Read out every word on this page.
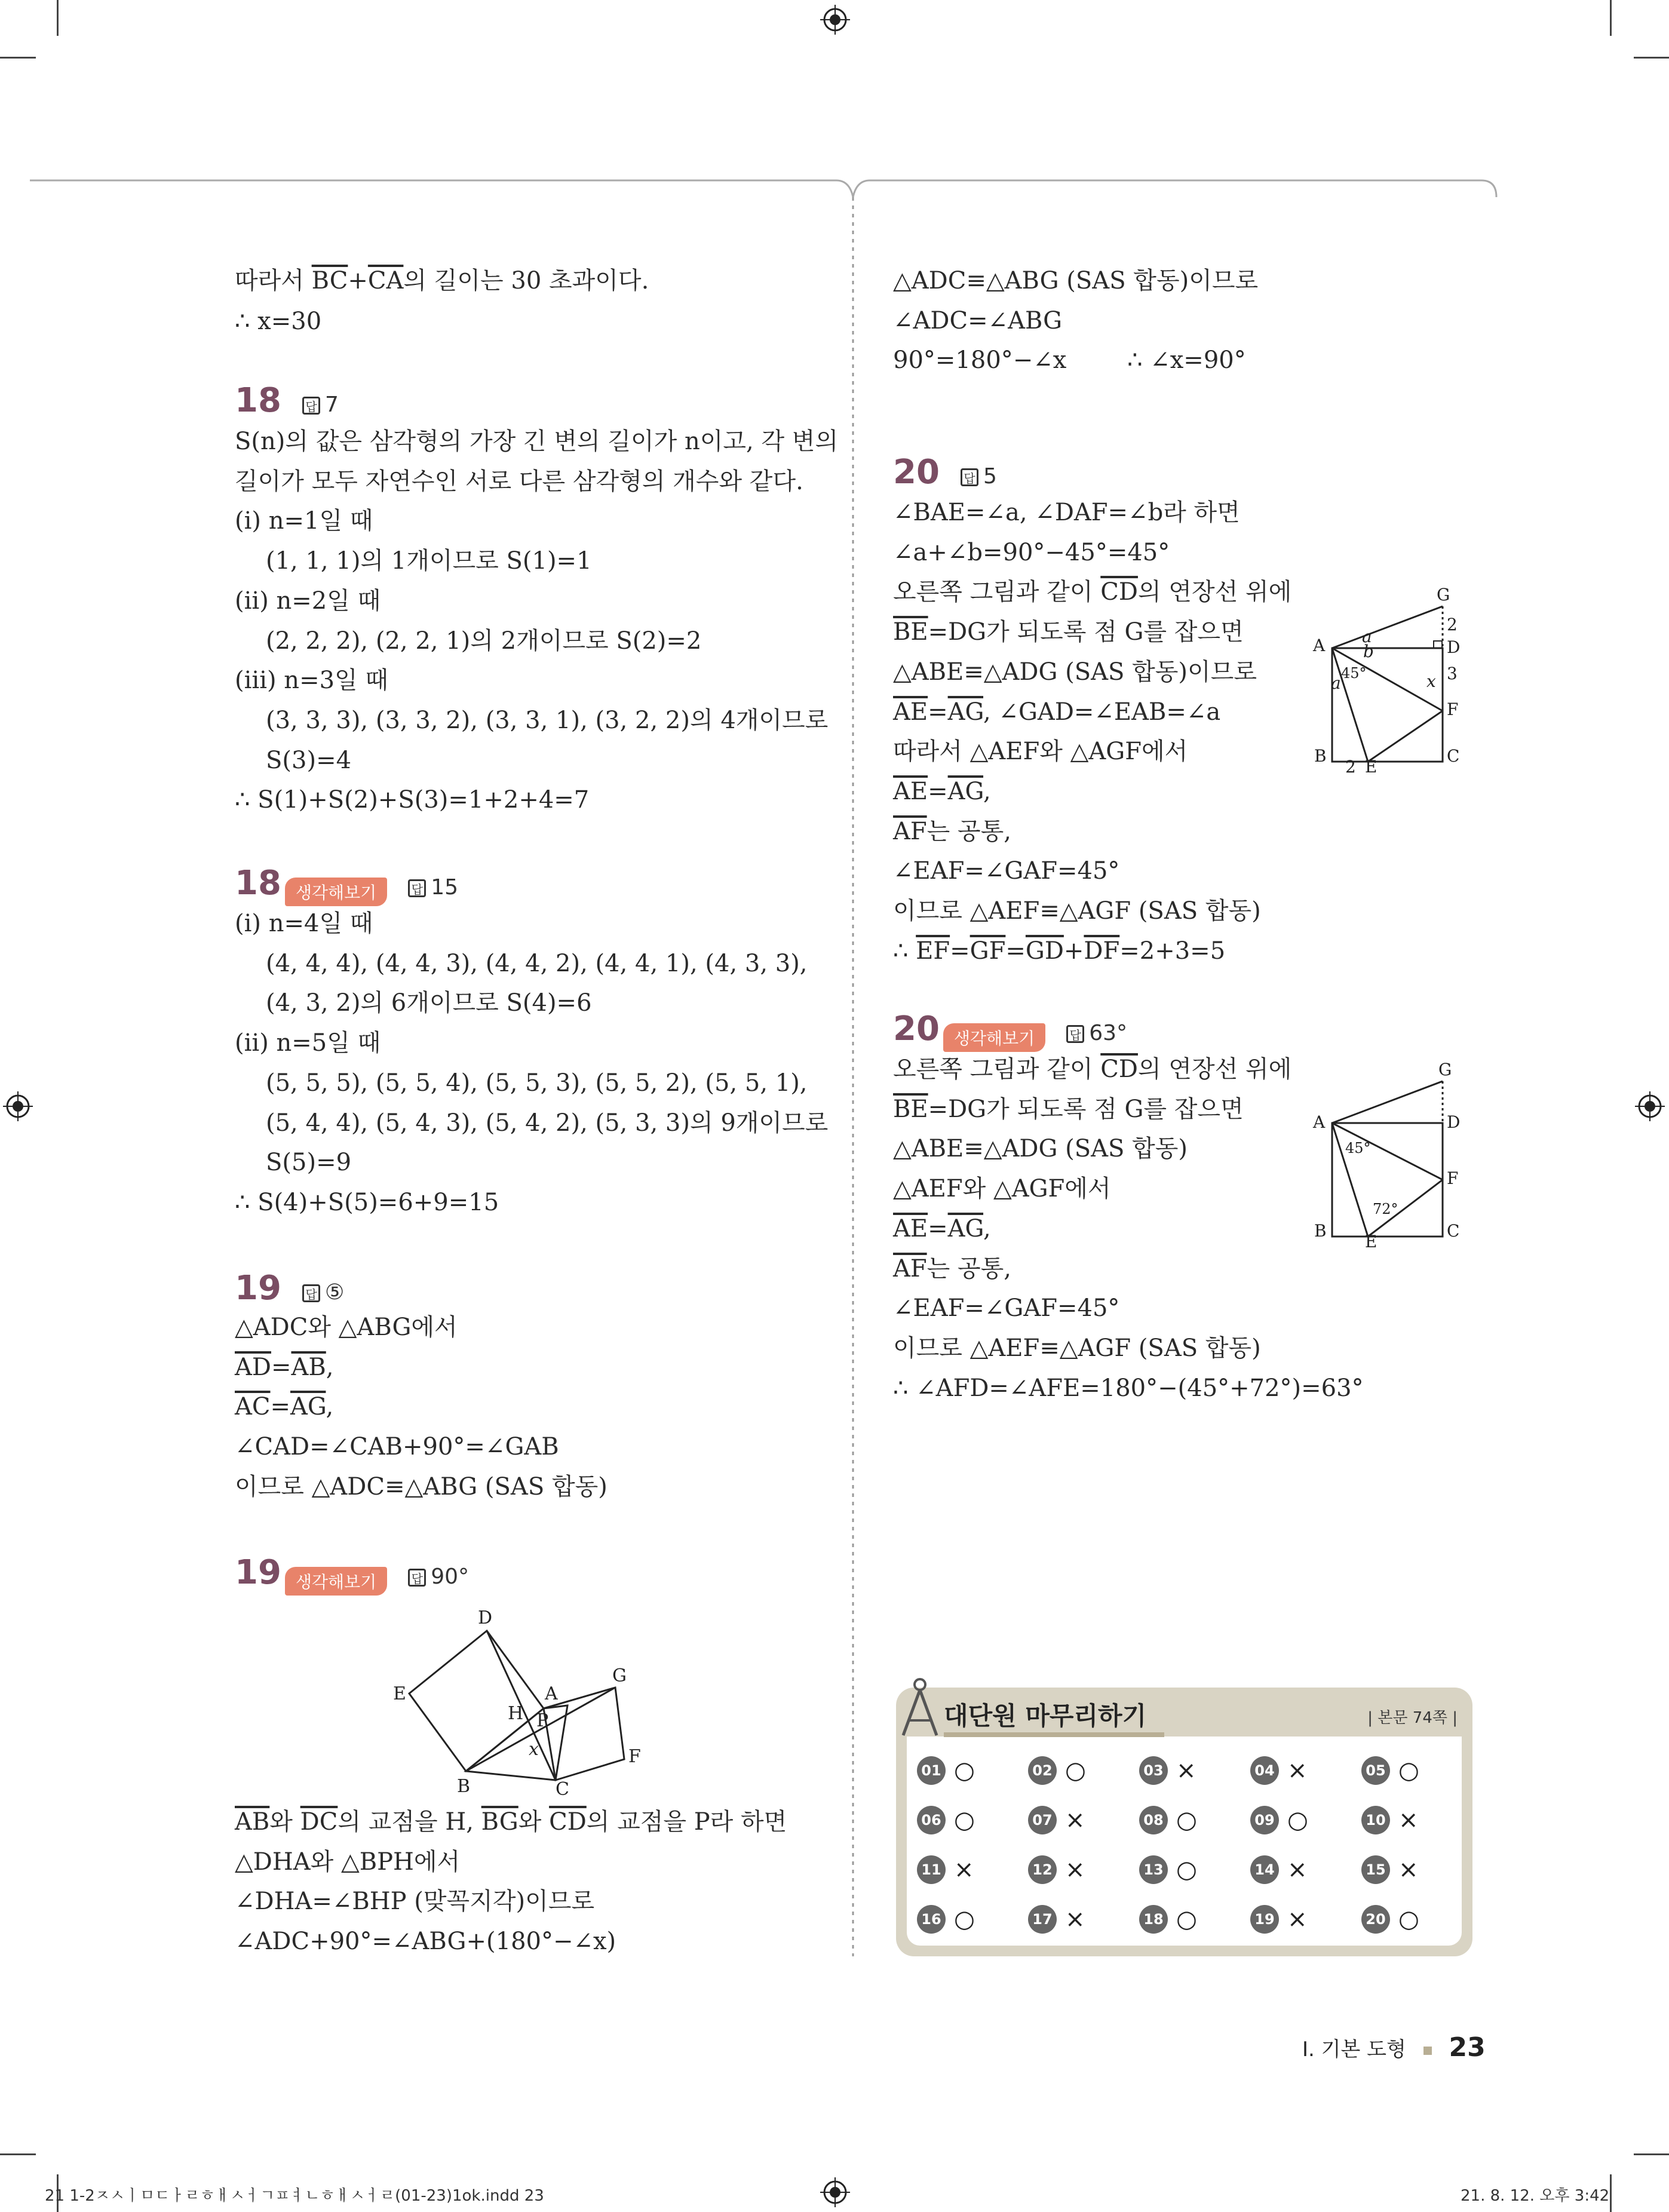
따라서 $\overline{BC}+\overline{CA}$의 길이는 30 초과이다.
∴ x=30
18 답 7
S(n)의 값은 삼각형의 가장 긴 변의 길이가 n이고, 각 변의
길이가 모두 자연수인 서로 다른 삼각형의 개수와 같다.
(ⅰ) n=1일 때
(1, 1, 1)의 1개이므로 S(1)=1
(ⅱ) n=2일 때
(2, 2, 2), (2, 2, 1)의 2개이므로 S(2)=2
(ⅲ) n=3일 때
(3, 3, 3), (3, 3, 2), (3, 3, 1), (3, 2, 2)의 4개이므로
S(3)=4
∴ S(1)+S(2)+S(3)=1+2+4=7
18 생각해보기	답 15
(ⅰ) n=4일 때
(4, 4, 4), (4, 4, 3), (4, 4, 2), (4, 4, 1), (4, 3, 3),
(4, 3, 2)의 6개이므로 S(4)=6
(ⅱ) n=5일 때
(5, 5, 5), (5, 5, 4), (5, 5, 3), (5, 5, 2), (5, 5, 1),
(5, 4, 4), (5, 4, 3), (5, 4, 2), (5, 3, 3)의 9개이므로
S(5)=9
∴ S(4)+S(5)=6+9=15
19 답 ⑤
△ADC와 △ABG에서
$\overline{AD}=\overline{AB}$,
$\overline{AC}=\overline{AG}$,
∠CAD=∠CAB+90°=∠GAB
이므로 △ADC≡△ABG (SAS 합동)
19 생각해보기	답 90°
D
E	A
G
H P
x
B	C
F
$\overline{AB}$와 $\overline{DC}$의 교점을 H, $\overline{BG}$와 $\overline{CD}$의 교점을 P라 하면
△DHA와 △BPH에서
∠DHA=∠BHP (맞꼭지각)이므로
∠ADC+90°=∠ABG+(180°−∠x)
△ADC≡△ABG (SAS 합동)이므로
∠ADC=∠ABG
90°=180°−∠x        ∴ ∠x=90°
20 답 5
∠BAE=∠a, ∠DAF=∠b라 하면
∠a+∠b=90°−45°=45°
오른쪽 그림과 같이 $\overline{CD}$의 연장선 위에
$\overline{BE}=DG$가 되도록 점 G를 잡으면
△ABE≡△ADG (SAS 합동)이므로
$\overline{AE}=\overline{AG}$, ∠GAD=∠EAB=∠a
따라서 △AEF와 △AGF에서
$\overline{AE}=\overline{AG}$,
$\overline{AF}$는 공통,
∠EAF=∠GAF=45°
이므로 △AEF≡△AGF (SAS 합동)
∴ $\overline{EF}=\overline{GF}=\overline{GD}+\overline{DF}=2+3=5$
G
2
A	D
3
F
B
2 E
C
a
b
a 45°	x
20 생각해보기	답 63°
오른쪽 그림과 같이 $\overline{CD}$의 연장선 위에
$\overline{BE}=DG$가 되도록 점 G를 잡으면
△ABE≡△ADG (SAS 합동)
△AEF와 △AGF에서
$\overline{AE}=\overline{AG}$,
$\overline{AF}$는 공통,
∠EAF=∠GAF=45°
이므로 △AEF≡△AGF (SAS 합동)
∴ ∠AFD=∠AFE=180°−(45°+72°)=63°
G
A	D
45°
F
72°
B
E
C
대단원 마무리하기	| 본문 74쪽 |
01 ○	02 ○	03 ×	04 ×	05 ○
06 ○	07 ×	08 ○	09 ○	10 ×
11 ×	12 ×	13 ○	14 ×	15 ×
16 ○	17 ×	18 ○	19 ×	20 ○
Ⅰ. 기본 도형 23
21 1-2ㅈㅅㅣㅁㄷㅏㄹㅎㅐㅅㅓㄱㅍㅕㄴㅎㅐㅅㅓㄹ(01-23)1ok.indd 23	21. 8. 12. 오후 3:42
